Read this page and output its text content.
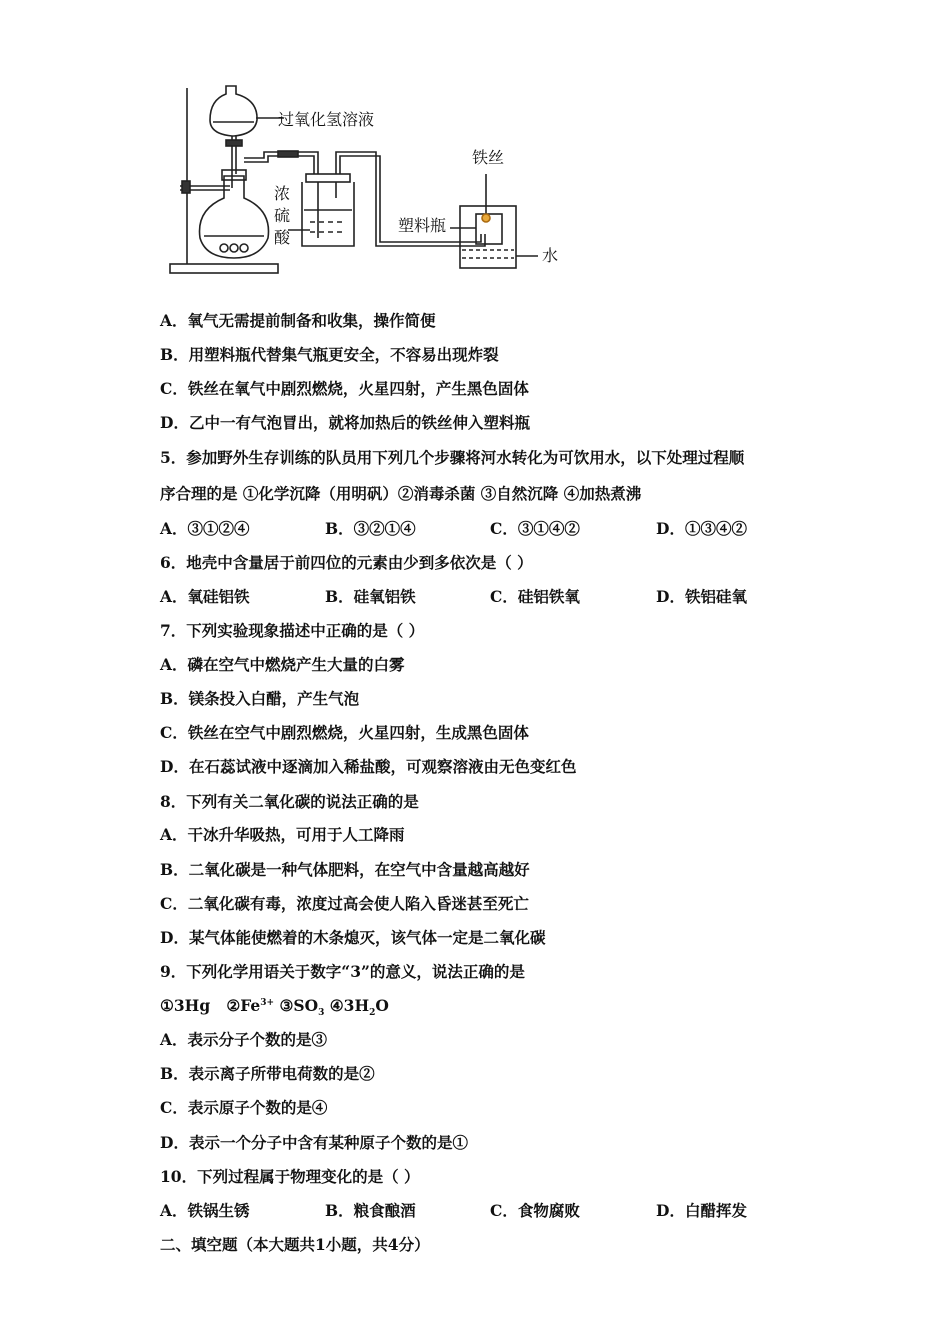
过氧化氢溶液
浓
硫
酸
铁丝
塑料瓶
水
A．氧气无需提前制备和收集，操作简便
B．用塑料瓶代替集气瓶更安全，不容易出现炸裂
C．铁丝在氧气中剧烈燃烧，火星四射，产生黑色固体
D．乙中一有气泡冒出，就将加热后的铁丝伸入塑料瓶
5．参加野外生存训练的队员用下列几个步骤将河水转化为可饮用水，以下处理过程顺
序合理的是 ①化学沉降（用明矾）②消毒杀菌 ③自然沉降 ④加热煮沸
A．③①②④	B．③②①④	C．③①④②	D．①③④②
6．地壳中含量居于前四位的元素由少到多依次是（ ）
A．氧硅铝铁	B．硅氧铝铁	C．硅铝铁氧	D．铁铝硅氧
7．下列实验现象描述中正确的是（ ）
A．磷在空气中燃烧产生大量的白雾
B．镁条投入白醋，产生气泡
C．铁丝在空气中剧烈燃烧，火星四射，生成黑色固体
D．在石蕊试液中逐滴加入稀盐酸，可观察溶液由无色变红色
8．下列有关二氧化碳的说法正确的是
A．干冰升华吸热，可用于人工降雨
B．二氧化碳是一种气体肥料，在空气中含量越高越好
C．二氧化碳有毒，浓度过高会使人陷入昏迷甚至死亡
D．某气体能使燃着的木条熄灭，该气体一定是二氧化碳
9．下列化学用语关于数字“3”的意义，说法正确的是
①3Hg $②Fe^{3+}$ $③SO_3$ $④3H_2O$
A．表示分子个数的是③
B．表示离子所带电荷数的是②
C．表示原子个数的是④
D．表示一个分子中含有某种原子个数的是①
10．下列过程属于物理变化的是（ ）
A．铁锅生锈	B．粮食酿酒	C．食物腐败	D．白醋挥发
二、填空题（本大题共1小题，共4分）
